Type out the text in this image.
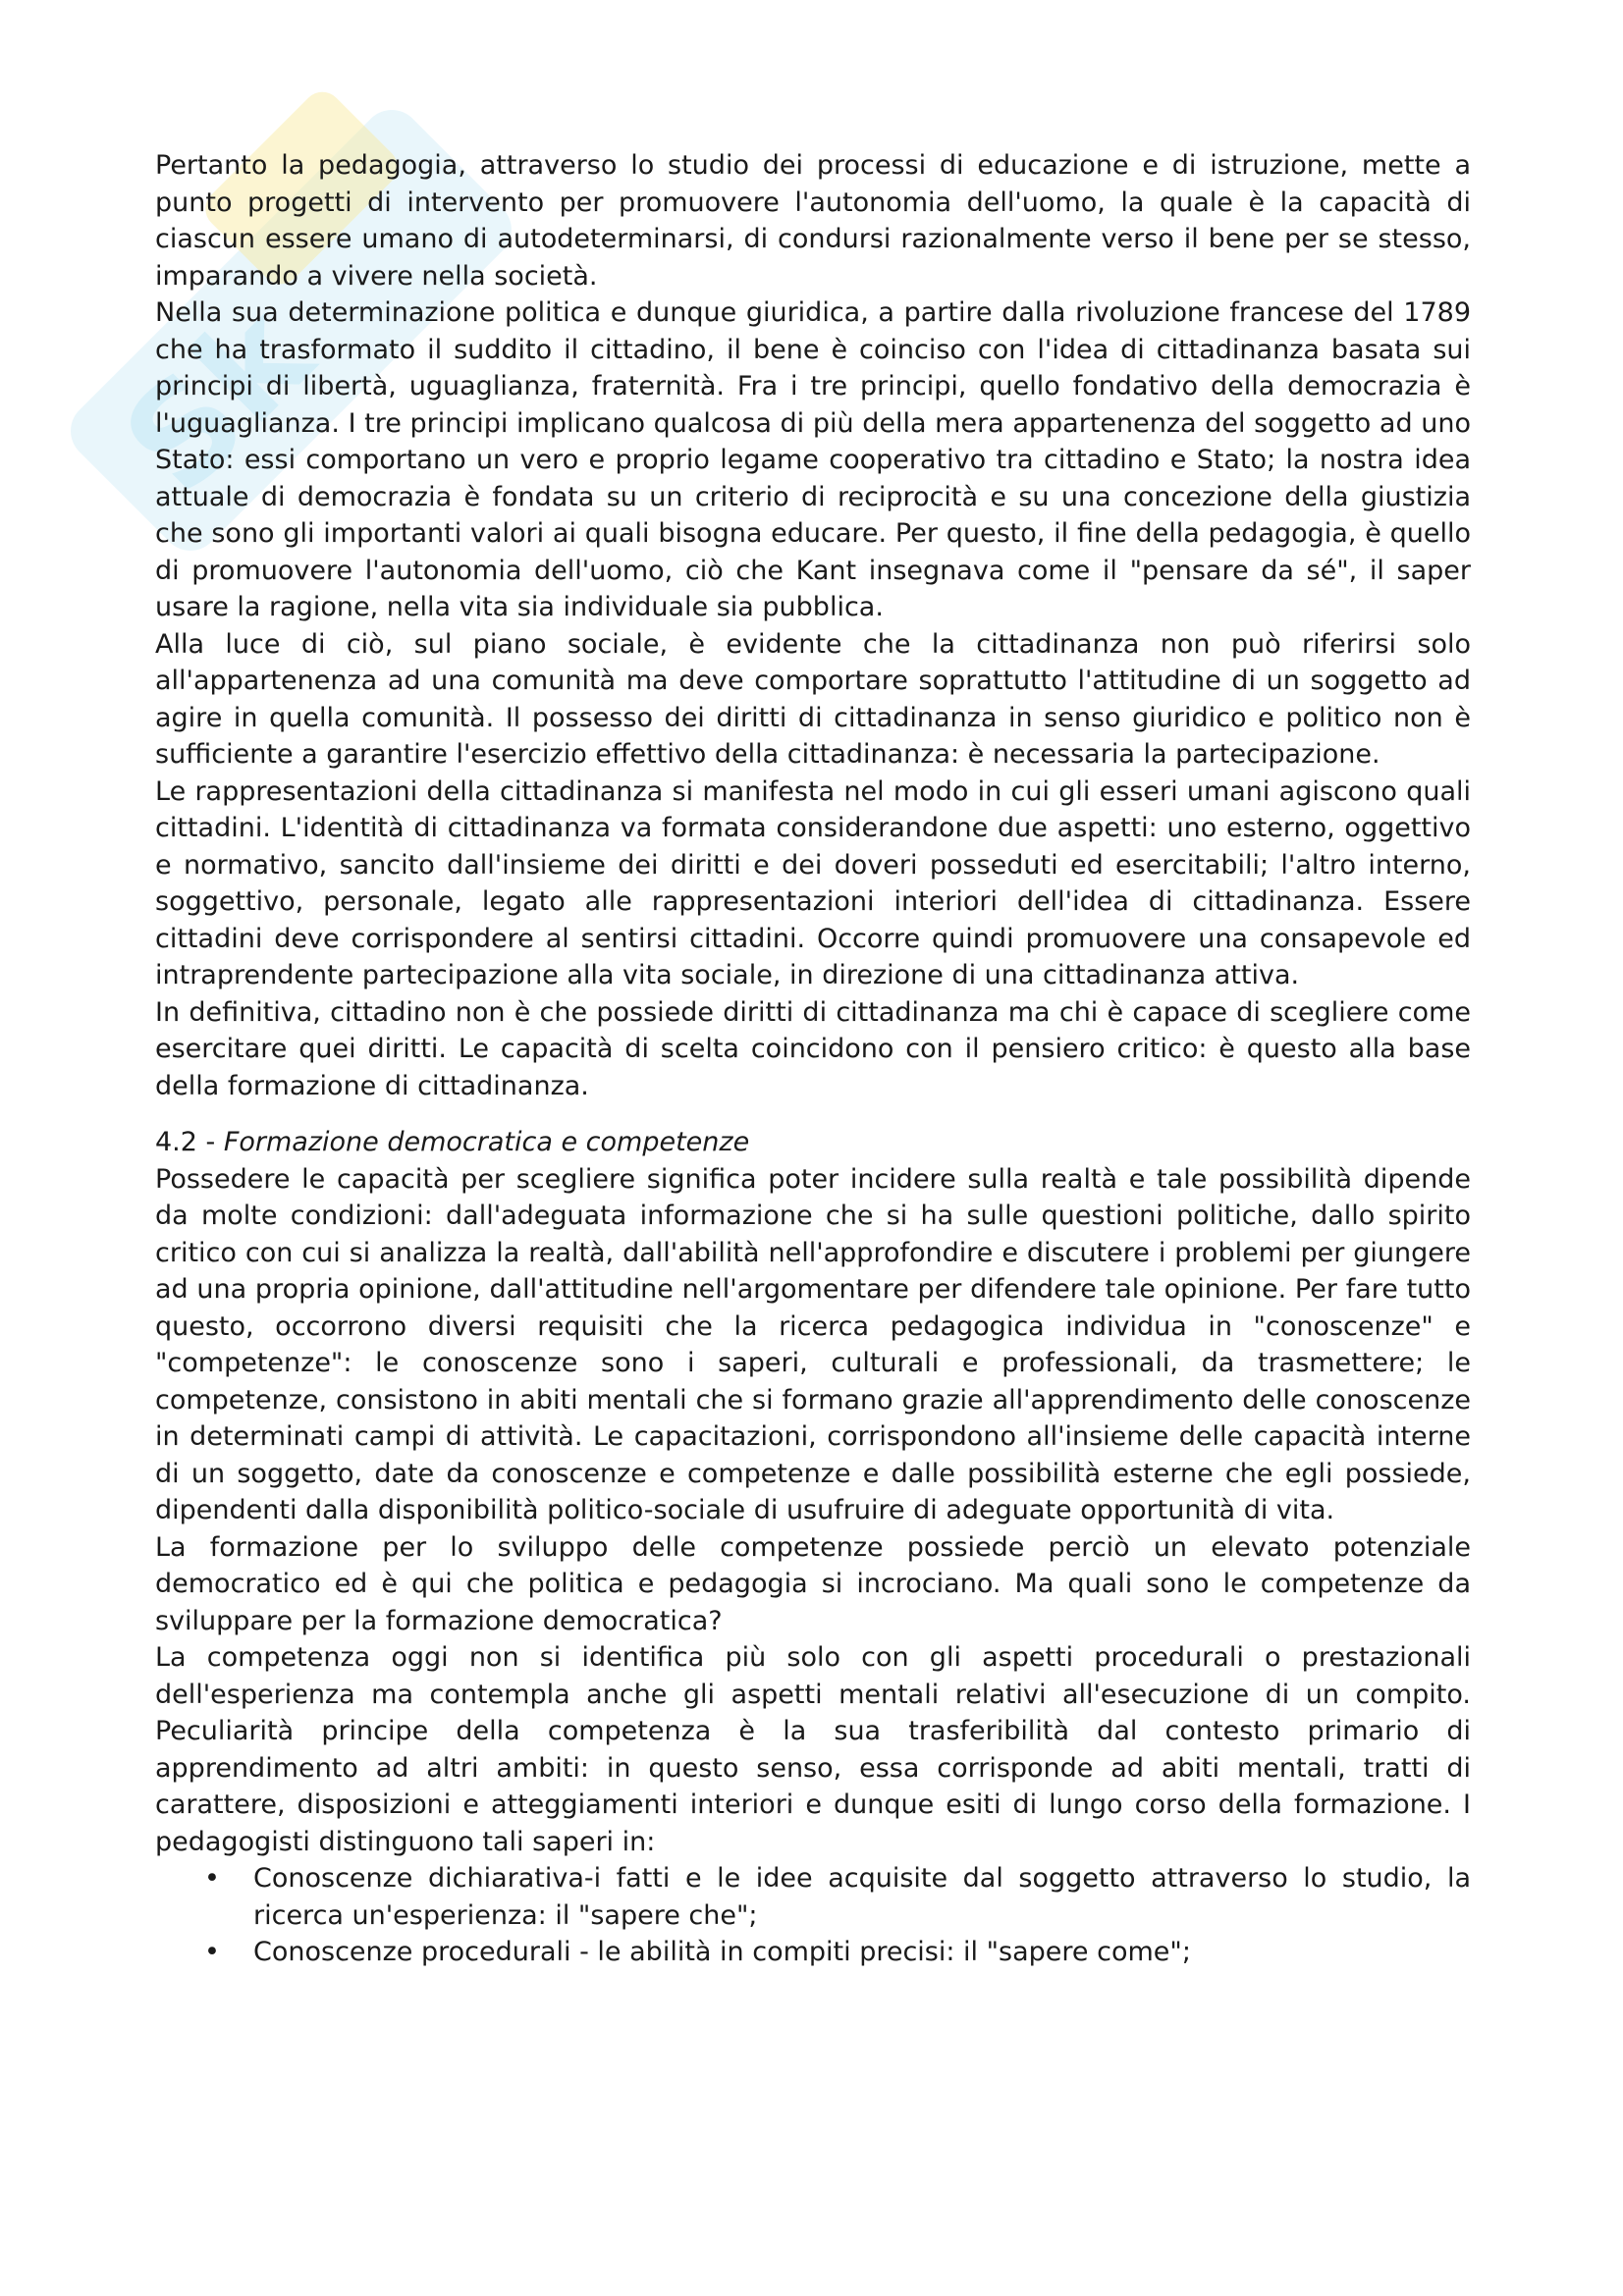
Sk

Pertanto la pedagogia, attraverso lo studio dei processi di educazione e di istruzione, mette a punto progetti di intervento per promuovere l'autonomia dell'uomo, la quale è la capacità di ciascun essere umano di autodeterminarsi, di condursi razionalmente verso il bene per se stesso, imparando a vivere nella società.

Nella sua determinazione politica e dunque giuridica, a partire dalla rivoluzione francese del 1789 che ha trasformato il suddito il cittadino, il bene è coinciso con l'idea di cittadinanza basata sui principi di libertà, uguaglianza, fraternità. Fra i tre principi, quello fondativo della democrazia è l'uguaglianza. I tre principi implicano qualcosa di più della mera appartenenza del soggetto ad uno Stato: essi comportano un vero e proprio legame cooperativo tra cittadino e Stato; la nostra idea attuale di democrazia è fondata su un criterio di reciprocità e su una concezione della giustizia che sono gli importanti valori ai quali bisogna educare. Per questo, il fine della pedagogia, è quello di promuovere l'autonomia dell'uomo, ciò che Kant insegnava come il "pensare da sé", il saper usare la ragione, nella vita sia individuale sia pubblica.

Alla luce di ciò, sul piano sociale, è evidente che la cittadinanza non può riferirsi solo all'appartenenza ad una comunità ma deve comportare soprattutto l'attitudine di un soggetto ad agire in quella comunità. Il possesso dei diritti di cittadinanza in senso giuridico e politico non è sufficiente a garantire l'esercizio effettivo della cittadinanza: è necessaria la partecipazione.

Le rappresentazioni della cittadinanza si manifesta nel modo in cui gli esseri umani agiscono quali cittadini. L'identità di cittadinanza va formata considerandone due aspetti: uno esterno, oggettivo e normativo, sancito dall'insieme dei diritti e dei doveri posseduti ed esercitabili; l'altro interno, soggettivo, personale, legato alle rappresentazioni interiori dell'idea di cittadinanza. Essere cittadini deve corrispondere al sentirsi cittadini. Occorre quindi promuovere una consapevole ed intraprendente partecipazione alla vita sociale, in direzione di una cittadinanza attiva.

In definitiva, cittadino non è che possiede diritti di cittadinanza ma chi è capace di scegliere come esercitare quei diritti. Le capacità di scelta coincidono con il pensiero critico: è questo alla base della formazione di cittadinanza.

4.2 - Formazione democratica e competenze

Possedere le capacità per scegliere significa poter incidere sulla realtà e tale possibilità dipende da molte condizioni: dall'adeguata informazione che si ha sulle questioni politiche, dallo spirito critico con cui si analizza la realtà, dall'abilità nell'approfondire e discutere i problemi per giungere ad una propria opinione, dall'attitudine nell'argomentare per difendere tale opinione. Per fare tutto questo, occorrono diversi requisiti che la ricerca pedagogica individua in "conoscenze" e "competenze": le conoscenze sono i saperi, culturali e professionali, da trasmettere; le competenze, consistono in abiti mentali che si formano grazie all'apprendimento delle conoscenze in determinati campi di attività. Le capacitazioni, corrispondono all'insieme delle capacità interne di un soggetto, date da conoscenze e competenze e dalle possibilità esterne che egli possiede, dipendenti dalla disponibilità politico-sociale di usufruire di adeguate opportunità di vita.

La formazione per lo sviluppo delle competenze possiede perciò un elevato potenziale democratico ed è qui che politica e pedagogia si incrociano. Ma quali sono le competenze da sviluppare per la formazione democratica?

La competenza oggi non si identifica più solo con gli aspetti procedurali o prestazionali dell'esperienza ma contempla anche gli aspetti mentali relativi all'esecuzione di un compito. Peculiarità principe della competenza è la sua trasferibilità dal contesto primario di apprendimento ad altri ambiti: in questo senso, essa corrisponde ad abiti mentali, tratti di carattere, disposizioni e atteggiamenti interiori e dunque esiti di lungo corso della formazione. I pedagogisti distinguono tali saperi in:

• Conoscenze dichiarativa-i fatti e le idee acquisite dal soggetto attraverso lo studio, la ricerca un'esperienza: il "sapere che";
• Conoscenze procedurali - le abilità in compiti precisi: il "sapere come";
